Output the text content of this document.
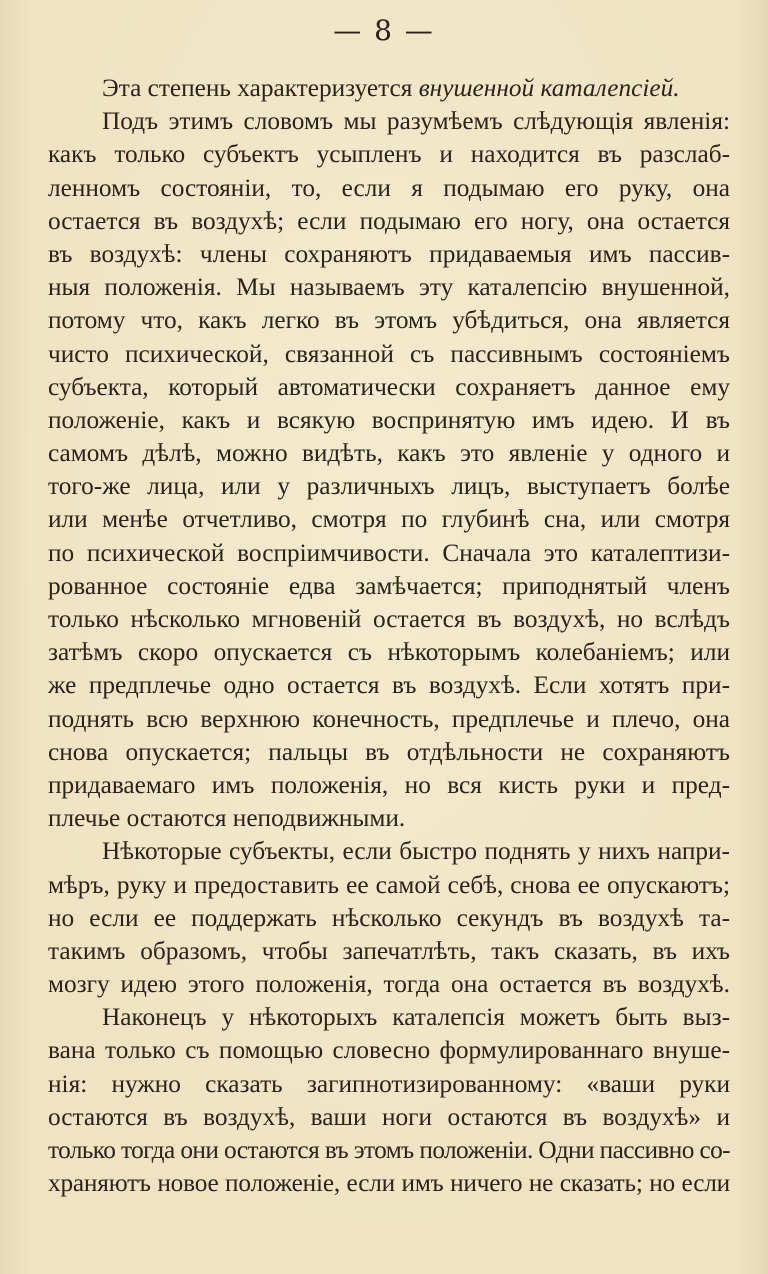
— 8 —
Эта степень характеризуется внушенной каталепсіей.
Подъ этимъ словомъ мы разумѣемъ слѣдующія явленія:
какъ только субъектъ усыпленъ и находится въ разслаб-
ленномъ состояніи, то, если я подымаю его руку, она
остается въ воздухѣ; если подымаю его ногу, она остается
въ воздухѣ: члены сохраняютъ придаваемыя имъ пассив-
ныя положенія. Мы называемъ эту каталепсію внушенной,
потому что, какъ легко въ этомъ убѣдиться, она является
чисто психической, связанной съ пассивнымъ состояніемъ
субъекта, который автоматически сохраняетъ данное ему
положеніе, какъ и всякую воспринятую имъ идею. И въ
самомъ дѣлѣ, можно видѣть, какъ это явленіе у одного и
того-же лица, или у различныхъ лицъ, выступаетъ болѣе
или менѣе отчетливо, смотря по глубинѣ сна, или смотря
по психической воспріимчивости. Сначала это каталептизи-
рованное состояніе едва замѣчается; приподнятый членъ
только нѣсколько мгновеній остается въ воздухѣ, но вслѣдъ
затѣмъ скоро опускается съ нѣкоторымъ колебаніемъ; или
же предплечье одно остается въ воздухѣ. Если хотятъ при-
поднять всю верхнюю конечность, предплечье и плечо, она
снова опускается; пальцы въ отдѣльности не сохраняютъ
придаваемаго имъ положенія, но вся кисть руки и пред-
плечье остаются неподвижными.
Нѣкоторые субъекты, если быстро поднять у нихъ напри-
мѣръ, руку и предоставить ее самой себѣ, снова ее опускаютъ;
но если ее поддержать нѣсколько секундъ въ воздухѣ та-
такимъ образомъ, чтобы запечатлѣть, такъ сказать, въ ихъ
мозгу идею этого положенія, тогда она остается въ воздухѣ.
Наконецъ у нѣкоторыхъ каталепсія можетъ быть выз-
вана только съ помощью словесно формулированнаго внуше-
нія: нужно сказать загипнотизированному: «ваши руки
остаются въ воздухѣ, ваши ноги остаются въ воздухѣ» и
только тогда они остаются въ этомъ положеніи. Одни пассивно со-
храняютъ новое положеніе, если имъ ничего не сказать; но если
